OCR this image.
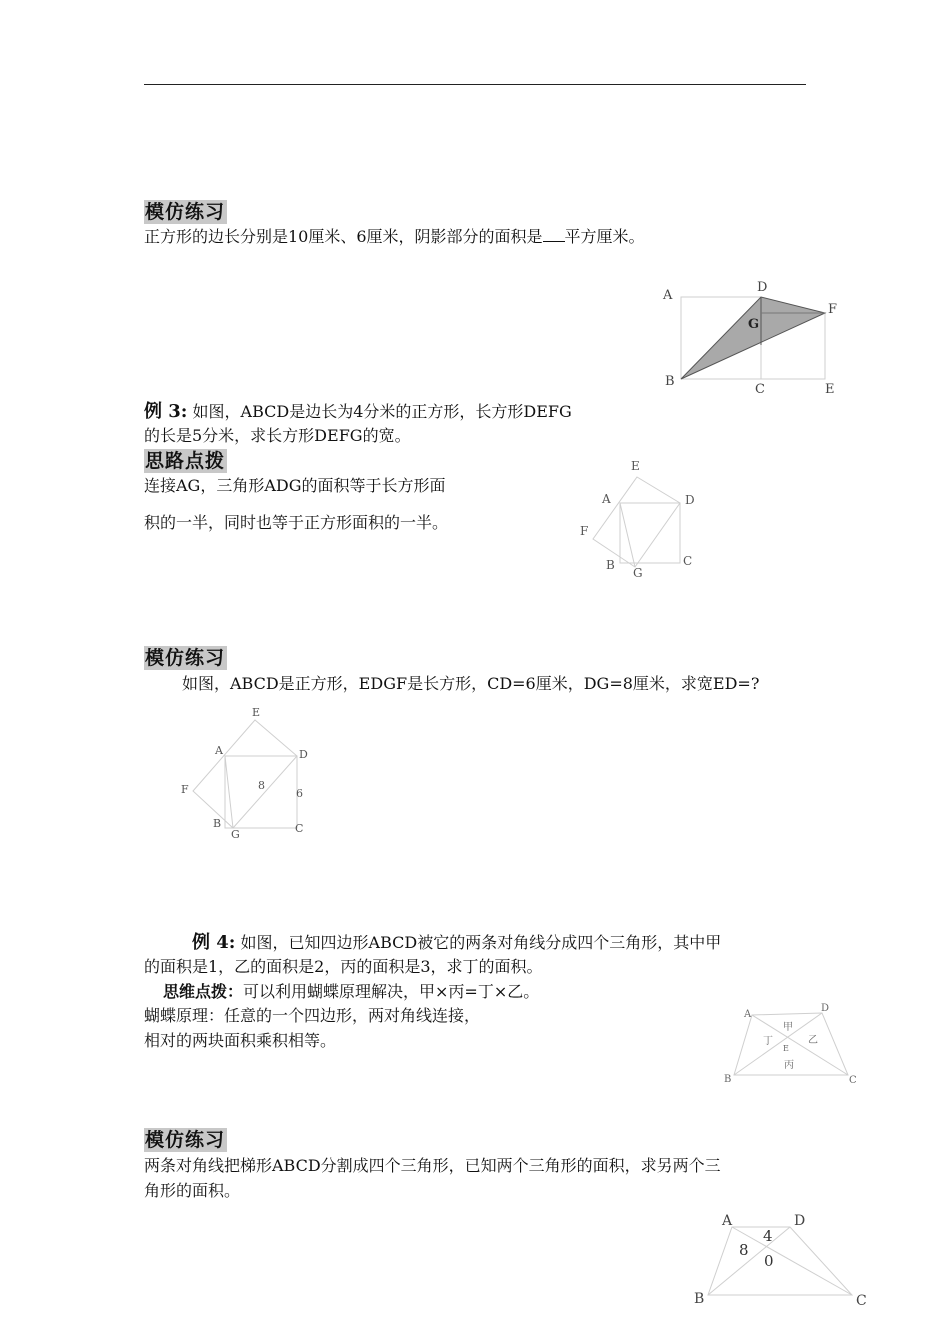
模仿练习
正方形的边长分别是10厘米、6厘米，阴影部分的面积是 平方厘米。
A
D
F
G
B
C	E
例 3: 如图，ABCD是边长为4分米的正方形，长方形DEFG
的长是5分米，求长方形DEFG的宽。
思路点拨
连接AG，三角形ADG的面积等于长方形面
积的一半，同时也等于正方形面积的一半。
E
A	D
F
B
G
C
模仿练习
如图，ABCD是正方形，EDGF是长方形，CD=6厘米，DG=8厘米，求宽ED=?
E
A	D
8
F	6
B
G	C
例 4: 如图，已知四边形ABCD被它的两条对角线分成四个三角形，其中甲
的面积是1，乙的面积是2，丙的面积是3，求丁的面积。
思维点拨：可以利用蝴蝶原理解决，甲×丙=丁×乙。
蝴蝶原理：任意的一个四边形，两对角线连接，
相对的两块面积乘积相等。
A
D
甲
丁	乙
E
丙
B	C
模仿练习
两条对角线把梯形ABCD分割成四个三角形，已知两个三角形的面积，求另两个三
角形的面积。
A	D
4
8
0
B	C
